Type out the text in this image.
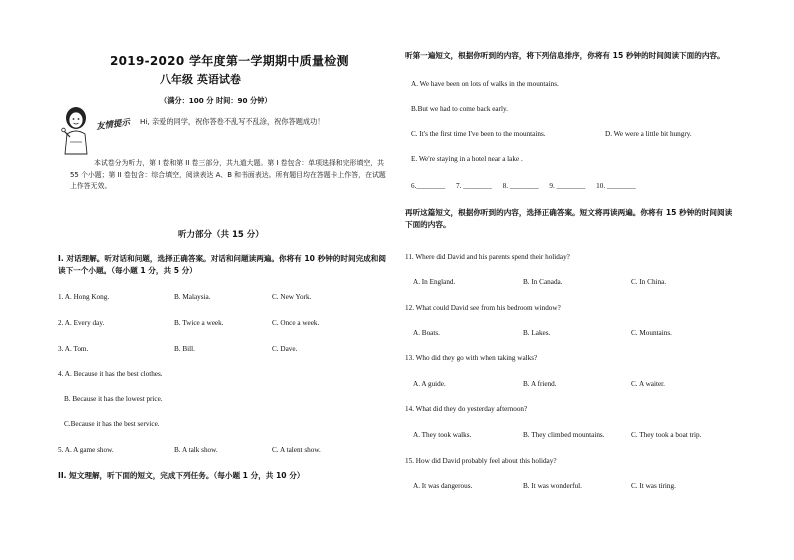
2019-2020 学年度第一学期期中质量检测
八年级 英语试卷
（满分：100 分 时间：90 分钟）
友情提示 Hi, 亲爱的同学，祝你答卷不乱写不乱涂，祝你答题成功！
本试卷分为听力，第 I 卷和第 II 卷三部分，共九道大题。第 I 卷包含：单项选择和完形填空，共 55 个小题；第 II 卷包含：综合填空，阅读表达 A、B 和书面表达。所有题目均在答题卡上作答，在试题上作答无效。
听力部分（共 15 分）
I. 对话理解。听对话和问题，选择正确答案。对话和问题读两遍。你将有 10 秒钟的时间完成和阅读下一个小题。（每小题 1 分，共 5 分）
1. A. Hong Kong.	B. Malaysia.	C. New York.
2. A. Every day.	B. Twice a week.	C. Once a week.
3. A. Tom.	B. Bill.	C. Dave.
4. A. Because it has the best clothes.
B. Because it has the lowest price.
C.Because it has the best service.
5. A. A game show.	B. A talk show.	C. A talent show.
II. 短文理解，听下面的短文，完成下列任务。（每小题 1 分，共 10 分）
听第一遍短文，根据你听到的内容，将下列信息排序，你将有 15 秒钟的时间阅读下面的内容。
A. We have been on lots of walks in the mountains.
B.But we had to come back early.
C. It's the first time I've been to the mountains.	D. We were a little bit hungry.
E. We're staying in a hotel near a lake .
6.________ 7. ________ 8. ________ 9. ________ 10. ________
再听这篇短文，根据你听到的内容，选择正确答案。短文将再读两遍。你将有 15 秒钟的时间阅读下面的内容。
11. Where did David and his parents spend their holiday?
A. In England.	B. In Canada.	C. In China.
12. What could David see from his bedroom window?
A. Boats.	B. Lakes.	C. Mountains.
13. Who did they go with when taking walks?
A. A guide.	B. A friend.	C. A waiter.
14. What did they do yesterday afternoon?
A. They took walks.	B. They climbed mountains.	C. They took a boat trip.
15. How did David probably feel about this holiday?
A. It was dangerous.	B. It was wonderful.	C. It was tiring.
